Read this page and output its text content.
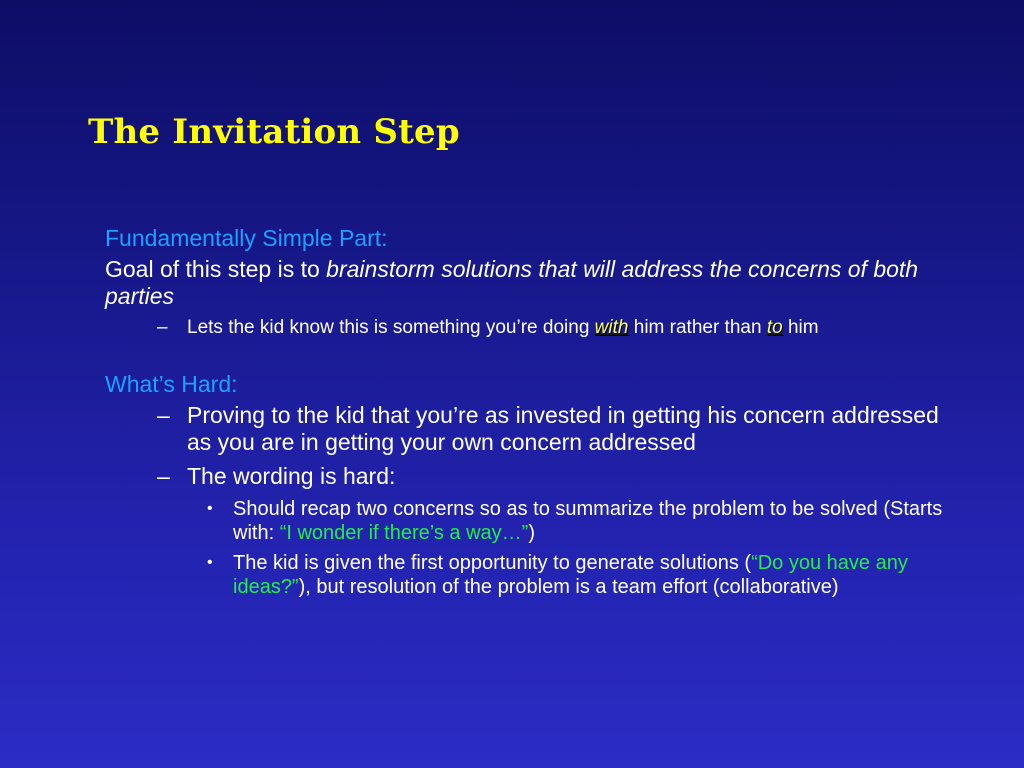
The Invitation Step

Fundamentally Simple Part:

Goal of this step is to brainstorm solutions that will address the concerns of both parties

– Lets the kid know this is something you’re doing with him rather than to him

What’s Hard:

– Proving to the kid that you’re as invested in getting his concern addressed as you are in getting your own concern addressed
– The wording is hard:
• Should recap two concerns so as to summarize the problem to be solved (Starts with: “I wonder if there’s a way…”)
• The kid is given the first opportunity to generate solutions (“Do you have any ideas?”), but resolution of the problem is a team effort (collaborative)
